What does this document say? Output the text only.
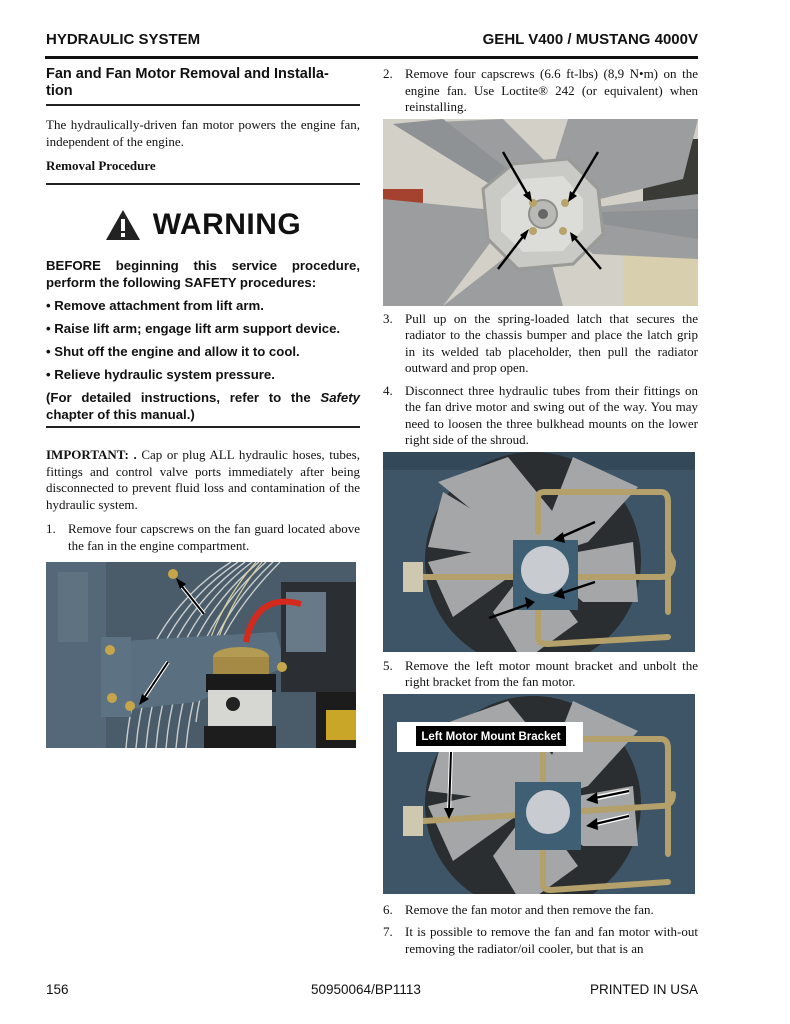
HYDRAULIC SYSTEM	GEHL V400 / MUSTANG 4000V
Fan and Fan Motor Removal and Installa-
tion

The hydraulically-driven fan motor powers the engine fan, independent of the engine.

Removal Procedure
WARNING

BEFORE beginning this service procedure, perform the following SAFETY procedures:

• Remove attachment from lift arm.

• Raise lift arm; engage lift arm support device.

• Shut off the engine and allow it to cool.

• Relieve hydraulic system pressure.

(For detailed instructions, refer to the Safety chapter of this manual.)

IMPORTANT: . Cap or plug ALL hydraulic hoses, tubes, fittings and control valve ports immediately after being disconnected to prevent fluid loss and contamination of the hydraulic system.

1. Remove four capscrews on the fan guard located above the fan in the engine compartment.
2. Remove four capscrews (6.6 ft-lbs) (8,9 N•m) on the engine fan. Use Loctite® 242 (or equivalent) when reinstalling.
3. Pull up on the spring-loaded latch that secures the radiator to the chassis bumper and place the latch grip in its welded tab placeholder, then pull the radiator outward and prop open.
4. Disconnect three hydraulic tubes from their fittings on the fan drive motor and swing out of the way. You may need to loosen the three bulkhead mounts on the lower right side of the shroud.
5. Remove the left motor mount bracket and unbolt the right bracket from the fan motor.
Left Motor Mount Bracket
6. Remove the fan motor and then remove the fan.
7. It is possible to remove the fan and fan motor with-out removing the radiator/oil cooler, but that is an
156	50950064/BP1113	PRINTED IN USA
